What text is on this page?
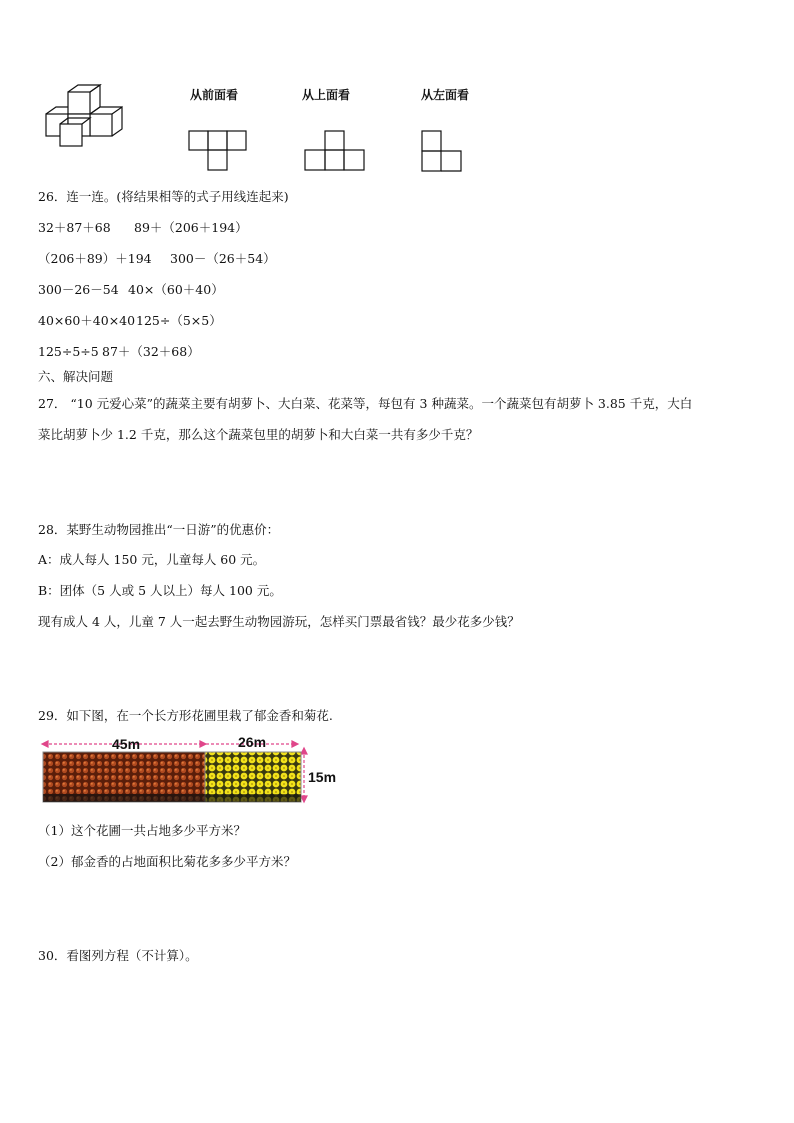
从前面看	从上面看	从左面看
26．连一连。(将结果相等的式子用线连起来)
32＋87＋68 89＋（206＋194）
（206＋89）＋194 300－（26＋54）
300－26－54 40×（60＋40）
40×60＋40×40 125÷（5×5）
125÷5÷5 87＋（32＋68）
六、解决问题
27． “10 元爱心菜”的蔬菜主要有胡萝卜、大白菜、花菜等，每包有 3 种蔬菜。一个蔬菜包有胡萝卜 3.85 千克，大白
菜比胡萝卜少 1.2 千克，那么这个蔬菜包里的胡萝卜和大白菜一共有多少千克？
28．某野生动物园推出“一日游”的优惠价：
A：成人每人 150 元，儿童每人 60 元。
B：团体（5 人或 5 人以上）每人 100 元。
现有成人 4 人，儿童 7 人一起去野生动物园游玩，怎样买门票最省钱？最少花多少钱？
29．如下图，在一个长方形花圃里栽了郁金香和菊花.
45m	26m
15m
（1）这个花圃一共占地多少平方米？
（2）郁金香的占地面积比菊花多多少平方米？
30．看图列方程（不计算）。
